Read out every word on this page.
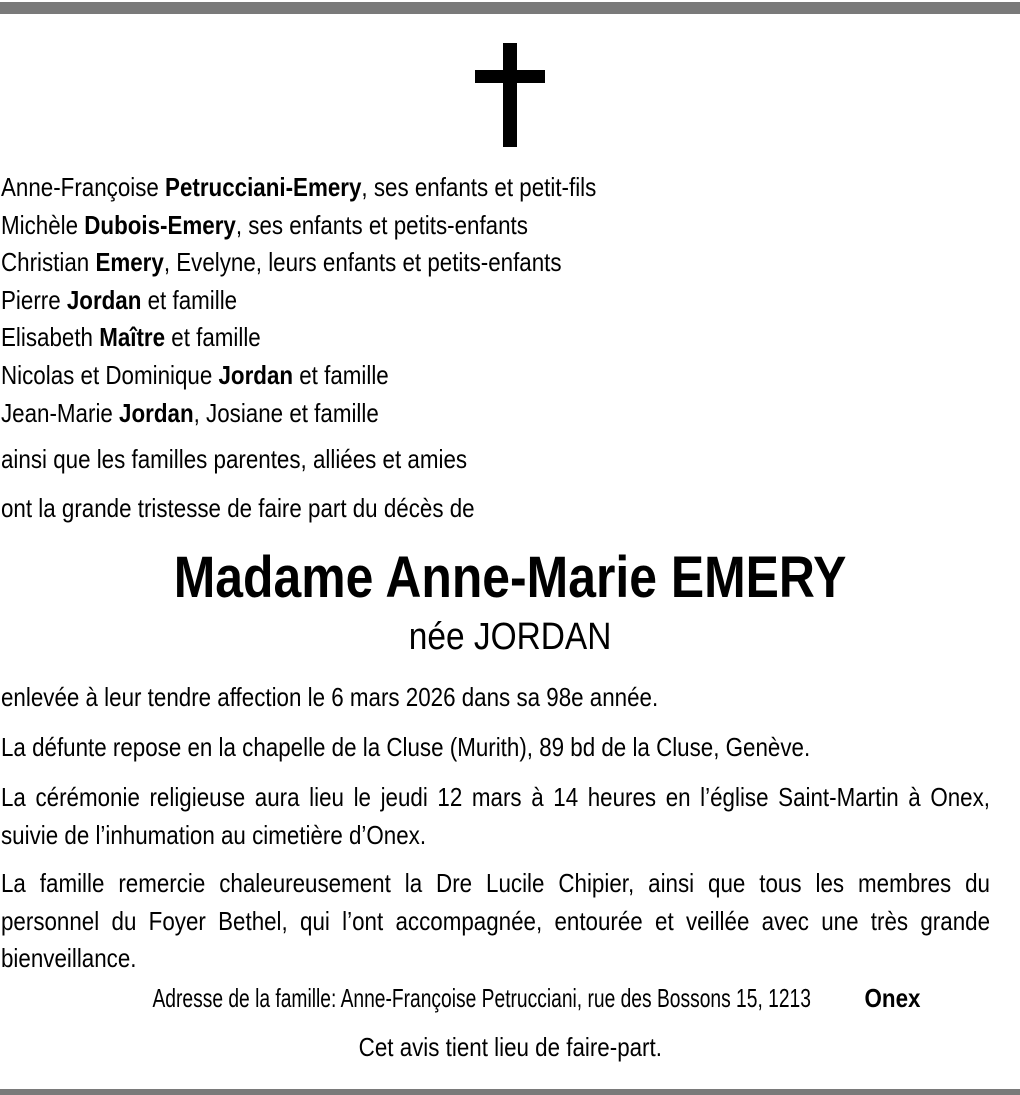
Anne-Françoise Petrucciani-Emery, ses enfants et petit-fils
Michèle Dubois-Emery, ses enfants et petits-enfants
Christian Emery, Evelyne, leurs enfants et petits-enfants
Pierre Jordan et famille
Elisabeth Maître et famille
Nicolas et Dominique Jordan et famille
Jean-Marie Jordan, Josiane et famille
ainsi que les familles parentes, alliées et amies
ont la grande tristesse de faire part du décès de
Madame Anne-Marie EMERY
née JORDAN
enlevée à leur tendre affection le 6 mars 2026 dans sa 98e année.
La défunte repose en la chapelle de la Cluse (Murith), 89 bd de la Cluse, Genève.
La cérémonie religieuse aura lieu le jeudi 12 mars à 14 heures en l’église Saint-Martin à Onex, suivie de l’inhumation au cimetière d’Onex.
La famille remercie chaleureusement la Dre Lucile Chipier, ainsi que tous les membres du personnel du Foyer Bethel, qui l’ont accompagnée, entourée et veillée avec une très grande bienveillance.
Adresse de la famille: Anne-Françoise Petrucciani, rue des Bossons 15, 1213Onex
Cet avis tient lieu de faire-part.
